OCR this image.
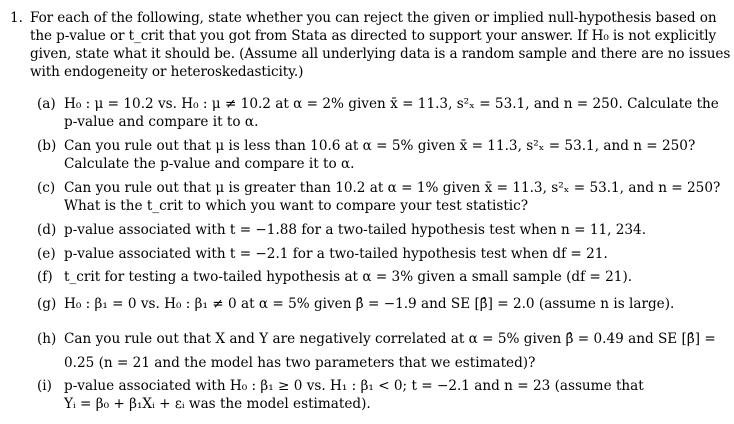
1. For each of the following, state whether you can reject the given or implied null-hypothesis based on
the p-value or t_crit that you got from Stata as directed to support your answer. If H₀ is not explicitly
given, state what it should be. (Assume all underlying data is a random sample and there are no issues
with endogeneity or heteroskedasticity.)
(a) H₀ : μ = 10.2 vs. H₀ : μ ≠ 10.2 at α = 2% given x̄ = 11.3, s²ₓ = 53.1, and n = 250. Calculate the
p-value and compare it to α.
(b) Can you rule out that μ is less than 10.6 at α = 5% given x̄ = 11.3, s²ₓ = 53.1, and n = 250?
Calculate the p-value and compare it to α.
(c) Can you rule out that μ is greater than 10.2 at α = 1% given x̄ = 11.3, s²ₓ = 53.1, and n = 250?
What is the t_crit to which you want to compare your test statistic?
(d) p-value associated with t = −1.88 for a two-tailed hypothesis test when n = 11, 234.
(e) p-value associated with t = −2.1 for a two-tailed hypothesis test when df = 21.
(f) t_crit for testing a two-tailed hypothesis at α = 3% given a small sample (df = 21).
(g) H₀ : β₁ = 0 vs. H₀ : β₁ ≠ 0 at α = 5% given β̂ = −1.9 and SE [β̂] = 2.0 (assume n is large).
(h) Can you rule out that X and Y are negatively correlated at α = 5% given β̂ = 0.49 and SE [β̂] =
0.25 (n = 21 and the model has two parameters that we estimated)?
(i) p-value associated with H₀ : β₁ ≥ 0 vs. H₁ : β₁ < 0; t = −2.1 and n = 23 (assume that
Yᵢ = β₀ + β₁Xᵢ + εᵢ was the model estimated).
